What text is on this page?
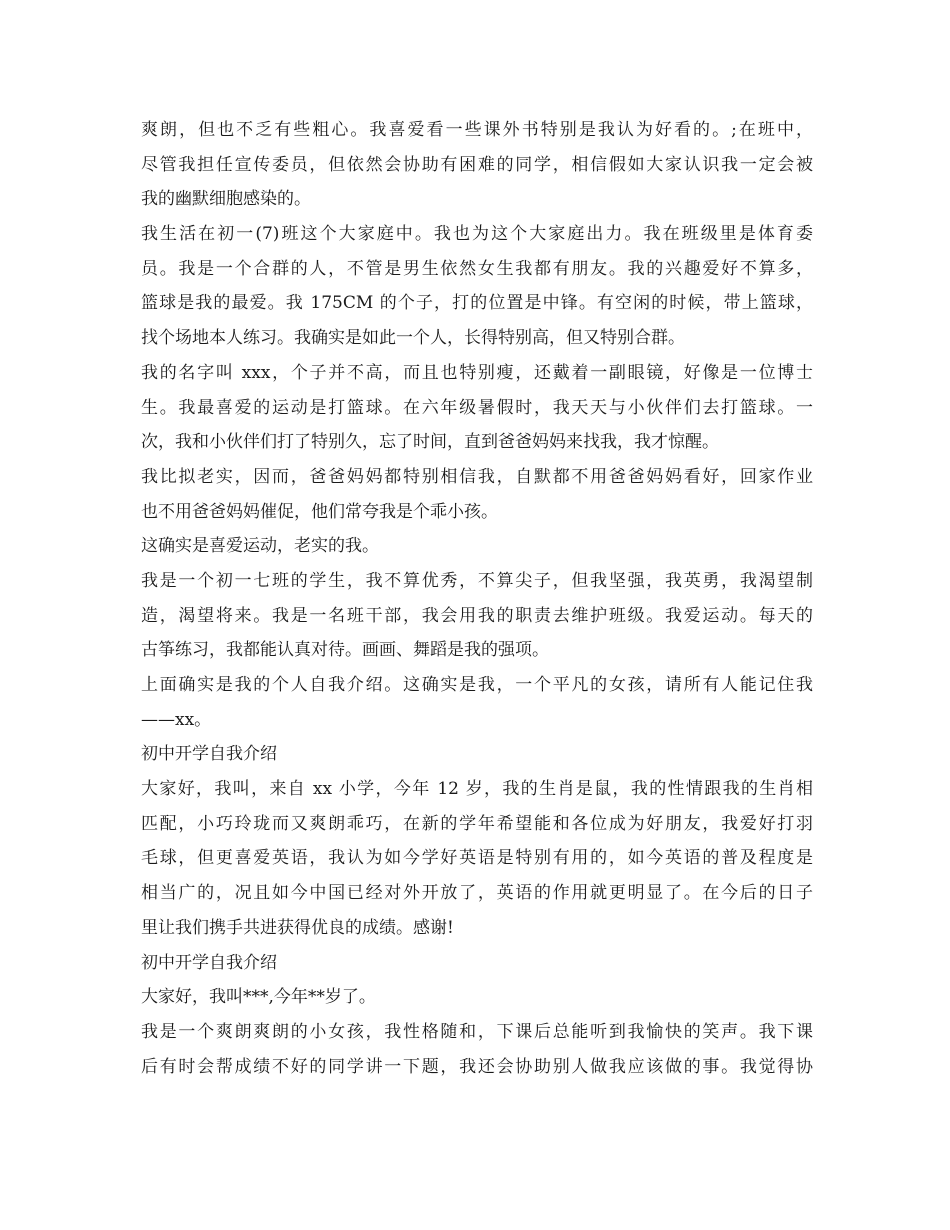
爽朗，但也不乏有些粗心。我喜爱看一些课外书特别是我认为好看的。;在班中，
尽管我担任宣传委员，但依然会协助有困难的同学，相信假如大家认识我一定会被
我的幽默细胞感染的。
我生活在初一(7)班这个大家庭中。我也为这个大家庭出力。我在班级里是体育委
员。我是一个合群的人，不管是男生依然女生我都有朋友。我的兴趣爱好不算多，
篮球是我的最爱。我 175CM 的个子，打的位置是中锋。有空闲的时候，带上篮球，
找个场地本人练习。我确实是如此一个人，长得特别高，但又特别合群。
我的名字叫 xxx，个子并不高，而且也特别瘦，还戴着一副眼镜，好像是一位博士
生。我最喜爱的运动是打篮球。在六年级暑假时，我天天与小伙伴们去打篮球。一
次，我和小伙伴们打了特别久，忘了时间，直到爸爸妈妈来找我，我才惊醒。
我比拟老实，因而，爸爸妈妈都特别相信我，自默都不用爸爸妈妈看好，回家作业
也不用爸爸妈妈催促，他们常夸我是个乖小孩。
这确实是喜爱运动，老实的我。
我是一个初一七班的学生，我不算优秀，不算尖子，但我坚强，我英勇，我渴望制
造，渴望将来。我是一名班干部，我会用我的职责去维护班级。我爱运动。每天的
古筝练习，我都能认真对待。画画、舞蹈是我的强项。
上面确实是我的个人自我介绍。这确实是我，一个平凡的女孩，请所有人能记住我
——xx。
初中开学自我介绍
大家好，我叫，来自 xx 小学，今年 12 岁，我的生肖是鼠，我的性情跟我的生肖相
匹配，小巧玲珑而又爽朗乖巧，在新的学年希望能和各位成为好朋友，我爱好打羽
毛球，但更喜爱英语，我认为如今学好英语是特别有用的，如今英语的普及程度是
相当广的，况且如今中国已经对外开放了，英语的作用就更明显了。在今后的日子
里让我们携手共进获得优良的成绩。感谢!
初中开学自我介绍
大家好，我叫***,今年**岁了。
我是一个爽朗爽朗的小女孩，我性格随和，下课后总能听到我愉快的笑声。我下课
后有时会帮成绩不好的同学讲一下题，我还会协助别人做我应该做的事。我觉得协
